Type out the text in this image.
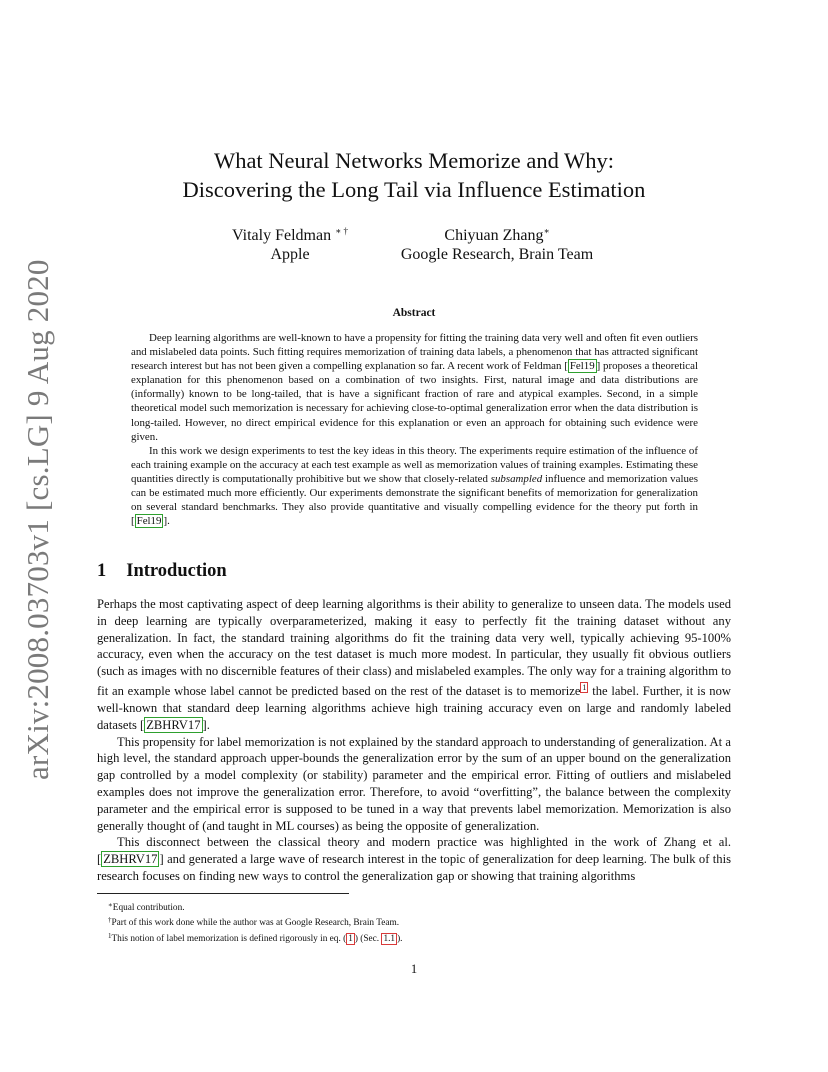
arXiv:2008.03703v1 [cs.LG] 9 Aug 2020
What Neural Networks Memorize and Why:
Discovering the Long Tail via Influence Estimation
Vitaly Feldman ∗ †
Apple
Chiyuan Zhang∗
Google Research, Brain Team
Abstract

Deep learning algorithms are well-known to have a propensity for fitting the training data very well and often fit even outliers and mislabeled data points. Such fitting requires memorization of training data labels, a phenomenon that has attracted significant research interest but has not been given a compelling explanation so far. A recent work of Feldman [ Fel19 ] proposes a theoretical explanation for this phenomenon based on a combination of two insights. First, natural image and data distributions are (informally) known to be long-tailed, that is have a significant fraction of rare and atypical examples. Second, in a simple theoretical model such memorization is necessary for achieving close-to-optimal generalization error when the data distribution is long-tailed. However, no direct empirical evidence for this explanation or even an approach for obtaining such evidence were given.

In this work we design experiments to test the key ideas in this theory. The experiments require estimation of the influence of each training example on the accuracy at each test example as well as memorization values of training examples. Estimating these quantities directly is computationally prohibitive but we show that closely-related subsampled influence and memorization values can be estimated much more efficiently. Our experiments demonstrate the significant benefits of memorization for generalization on several standard benchmarks. They also provide quantitative and visually compelling evidence for the theory put forth in [ Fel19 ].

1 Introduction

Perhaps the most captivating aspect of deep learning algorithms is their ability to generalize to unseen data. The models used in deep learning are typically overparameterized, making it easy to perfectly fit the training dataset without any generalization. In fact, the standard training algorithms do fit the training data very well, typically achieving 95-100% accuracy, even when the accuracy on the test dataset is much more modest. In particular, they usually fit obvious outliers (such as images with no discernible features of their class) and mislabeled examples. The only way for a training algorithm to fit an example whose label cannot be predicted based on the rest of the dataset is to memorize $^1$ the label. Further, it is now well-known that standard deep learning algorithms achieve high training accuracy even on large and randomly labeled datasets [ ZBHRV17 ].

This propensity for label memorization is not explained by the standard approach to understanding of generalization. At a high level, the standard approach upper-bounds the generalization error by the sum of an upper bound on the generalization gap controlled by a model complexity (or stability) parameter and the empirical error. Fitting of outliers and mislabeled examples does not improve the generalization error. Therefore, to avoid “overfitting”, the balance between the complexity parameter and the empirical error is supposed to be tuned in a way that prevents label memorization. Memorization is also generally thought of (and taught in ML courses) as being the opposite of generalization.

This disconnect between the classical theory and modern practice was highlighted in the work of Zhang et al. [ ZBHRV17 ] and generated a large wave of research interest in the topic of generalization for deep learning. The bulk of this research focuses on finding new ways to control the generalization gap or showing that training algorithms

∗Equal contribution.
†Part of this work done while the author was at Google Research, Brain Team.
$^1$This notion of label memorization is defined rigorously in eq. ( 1 ) (Sec. 1.1 ).
1
